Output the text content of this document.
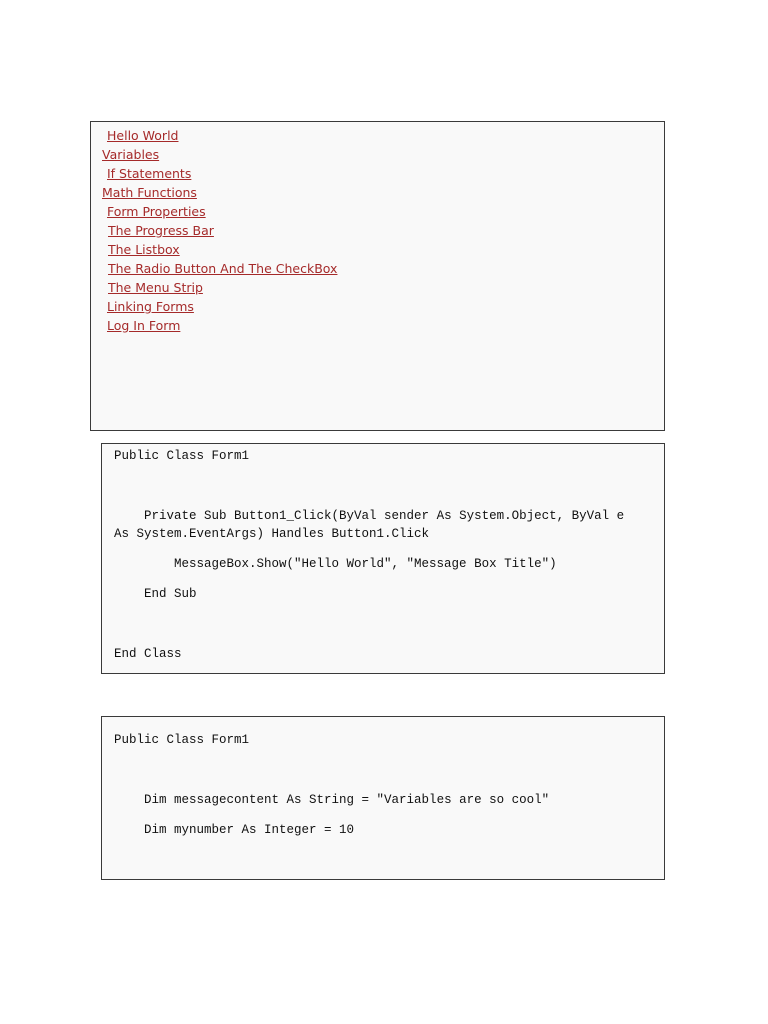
Hello World
Variables
If Statements
Math Functions
Form Properties
The Progress Bar
The Listbox
The Radio Button And The CheckBox
The Menu Strip
Linking Forms
Log In Form
Public Class Form1
Private Sub Button1_Click(ByVal sender As System.Object, ByVal e As System.EventArgs) Handles Button1.Click
MessageBox.Show("Hello World", "Message Box Title")
End Sub
End Class
Public Class Form1
Dim messagecontent As String = "Variables are so cool"
Dim mynumber As Integer = 10
